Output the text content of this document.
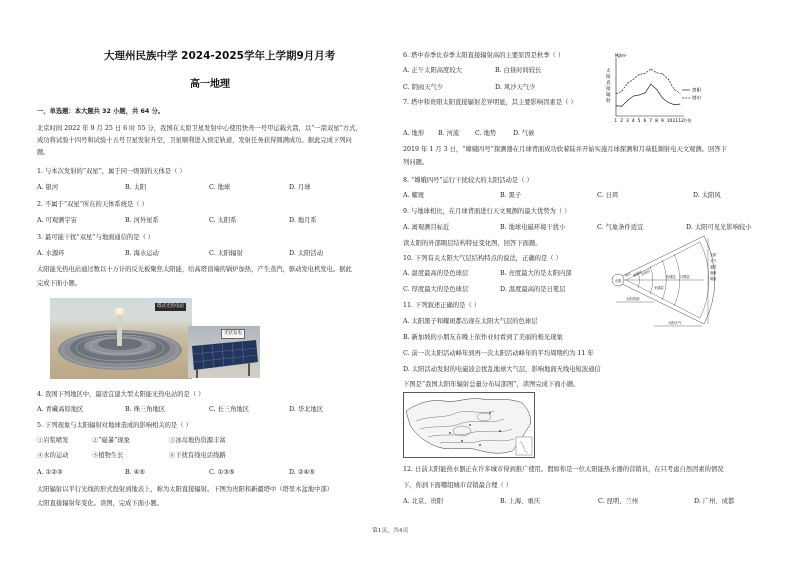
大理州民族中学 2024-2025学年上学期9月月考
高一地理
一、单选题：本大题共 32 小题，共 64 分。
北京时间 2022 年 9 月 25 日 6 时 55 分，我国在太原卫星发射中心使用快舟一号甲运载火箭，以“一箭双星”方式，
成功将试验十四号和试验十五号卫星发射升空，卫星顺利进入预定轨道，发射任务获得圆满成功。据此完成下列问
题。
1. 与本次发射的“双星”，属于同一级别的天体是（ ）
A. 银河	B. 太阳	C. 地球	D. 月球
2. 不属于“双星”所在的天体系统是（ ）
A. 可观测宇宙	B. 河外星系	C. 太阳系	D. 地月系
3. 最可能干扰“双星”与地面通信的是（ ）
A. 水源环	B. 海水运动	C. 太阳辐射	D. 太阳活动
太阳能光热电站通过数以十万计的反光板聚焦太阳能，给高塔顶端的锅炉加热，产生蒸汽，驱动发电机发电。据此
完成下面小题。
塔式光热电站
光伏发电
4. 我国下列地区中，最适宜建大型太阳能光热电站的是（ ）
A. 青藏高原地区	B. 珠三角地区	C. 长三角地区	D. 华北地区
5. 下列现象与太阳辐射对地球造成的影响相关的是（ ）
①岩浆喷发	②“磁暴”现象	③冰岛地热资源丰富
④水的运动	⑤植物生长	⑥干扰有线电话线路
A. ①②③	B. ④⑤	C. ①③⑤	D. ②④⑤
太阳辐射以平行光线的形式投射到地表上，称为太阳直接辐射。下图为贵阳和新疆塔中（塔里木盆地中部）
太阳直接辐射年变化。读图，完成下面小题。
6. 塔中春季比春季太阳直接辐射高的主要原因是秋季（ ）
A. 正午太阳高度较大	B. 白昼时间较长
C. 阴雨天气少	D. 风沙天气少
7. 塔中和贵阳太阳直接辐射差异明显，其主要影响因素是（ ）
A. 地形	B. 河流	C. 地势	D. 气候
MJ/m²
太
阳
直
接
辐
射
1 2 3 4 5 6 7 8 9 10 11 12 月份
贵阳
塔中
2019 年 1 月 3 日，“嫦娥四号”探测器在月球背面成功软着陆并开始实施月球探测和月基低频射电天文观测。回答下
列问题。
8. “嫦娥四号”运行干扰较大的太阳活动是（ ）
A. 耀斑	B. 黑子	C. 日珥	D. 太阳风
9. 与地球相比，在月球背面进行天文观测的最大优势为（ ）
A. 离观测目标近	B. 地球电磁环境干扰小	C. 气象条件适宜	D. 太阳可见光影响较小
读太阳的外部圈层结构特征变化图，回答下面题。
10. 下列有关太阳大气层结构特点的说法，正确的是（ ）
A. 温度最高的是色球层	B. 亮度最大的是太阳内部
C. 厚度最大的是色球层	D. 温度最高的是日冕层
太阳
核心 辐射层
对流层
光球层
色球层 日冕层
太阳内部
太阳大气
太阳
大气
温度
逐渐
增高
11. 下列叙述正确的是（ ）
A. 太阳黑子和耀斑都出现在太阳大气层的色球层
B. 新加坡的小朋友在晚上依作业时看到了美丽的极光现象
C. 前一次太阳活动峰年到再一次太阳活动峰年的平均周期约为 11 年
D. 太阳活动发射的电磁波会扰乱地球大气层，影响地面无线电短波通信
下图是“我国太阳年辐射总量分布局部图”，读图完成下面小题。
12. 日前太阳能热水器正在许多城市得到推广使用。假如你是一位太阳能热水器的营销员，在只考虑自然因素的情况
下，你到下面哪组城市营销最合理（ ）
A. 北京、贵阳	B. 上海、重庆	C. 昆明、兰州	D. 广州、成都
第1页，共4页
